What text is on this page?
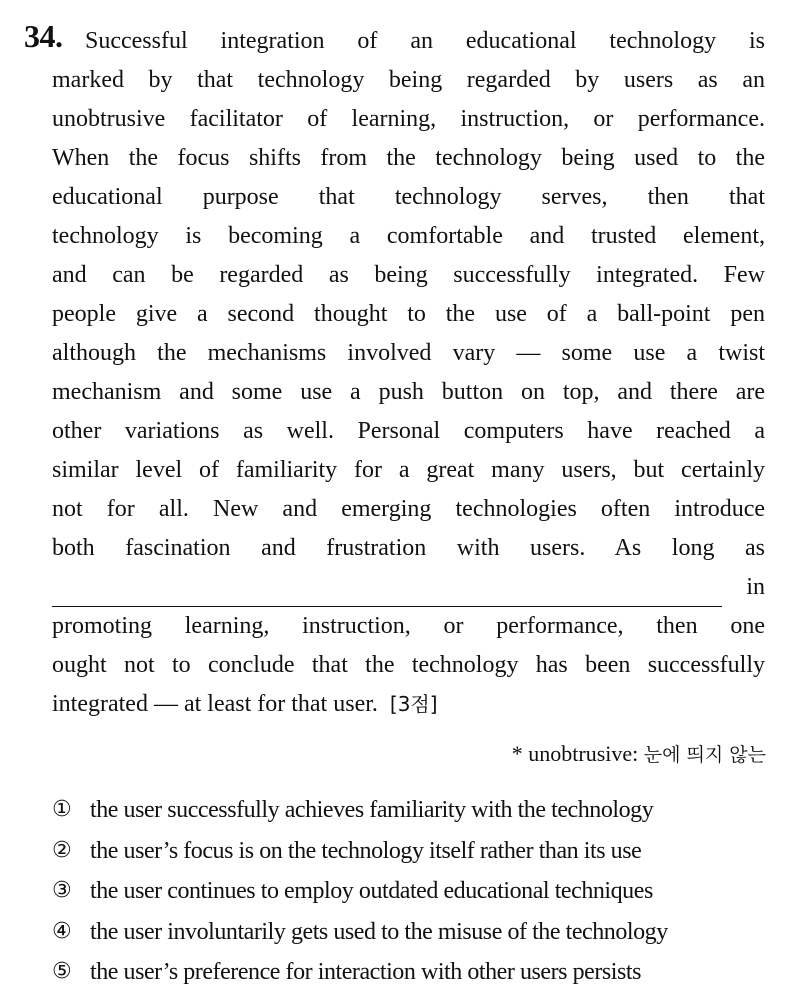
34. Successful integration of an educational technology is
marked by that technology being regarded by users as an
unobtrusive facilitator of learning, instruction, or performance.
When the focus shifts from the technology being used to the
educational purpose that technology serves, then that
technology is becoming a comfortable and trusted element,
and can be regarded as being successfully integrated. Few
people give a second thought to the use of a ball-point pen
although the mechanisms involved vary — some use a twist
mechanism and some use a push button on top, and there are
other variations as well. Personal computers have reached a
similar level of familiarity for a great many users, but certainly
not for all. New and emerging technologies often introduce
both fascination and frustration with users. As long as
in
promoting learning, instruction, or performance, then one
ought not to conclude that the technology has been successfully
integrated — at least for that user. [3점]
* unobtrusive: 눈에 띄지 않는
① the user successfully achieves familiarity with the technology
② the user’s focus is on the technology itself rather than its use
③ the user continues to employ outdated educational techniques
④ the user involuntarily gets used to the misuse of the technology
⑤ the user’s preference for interaction with other users persists
